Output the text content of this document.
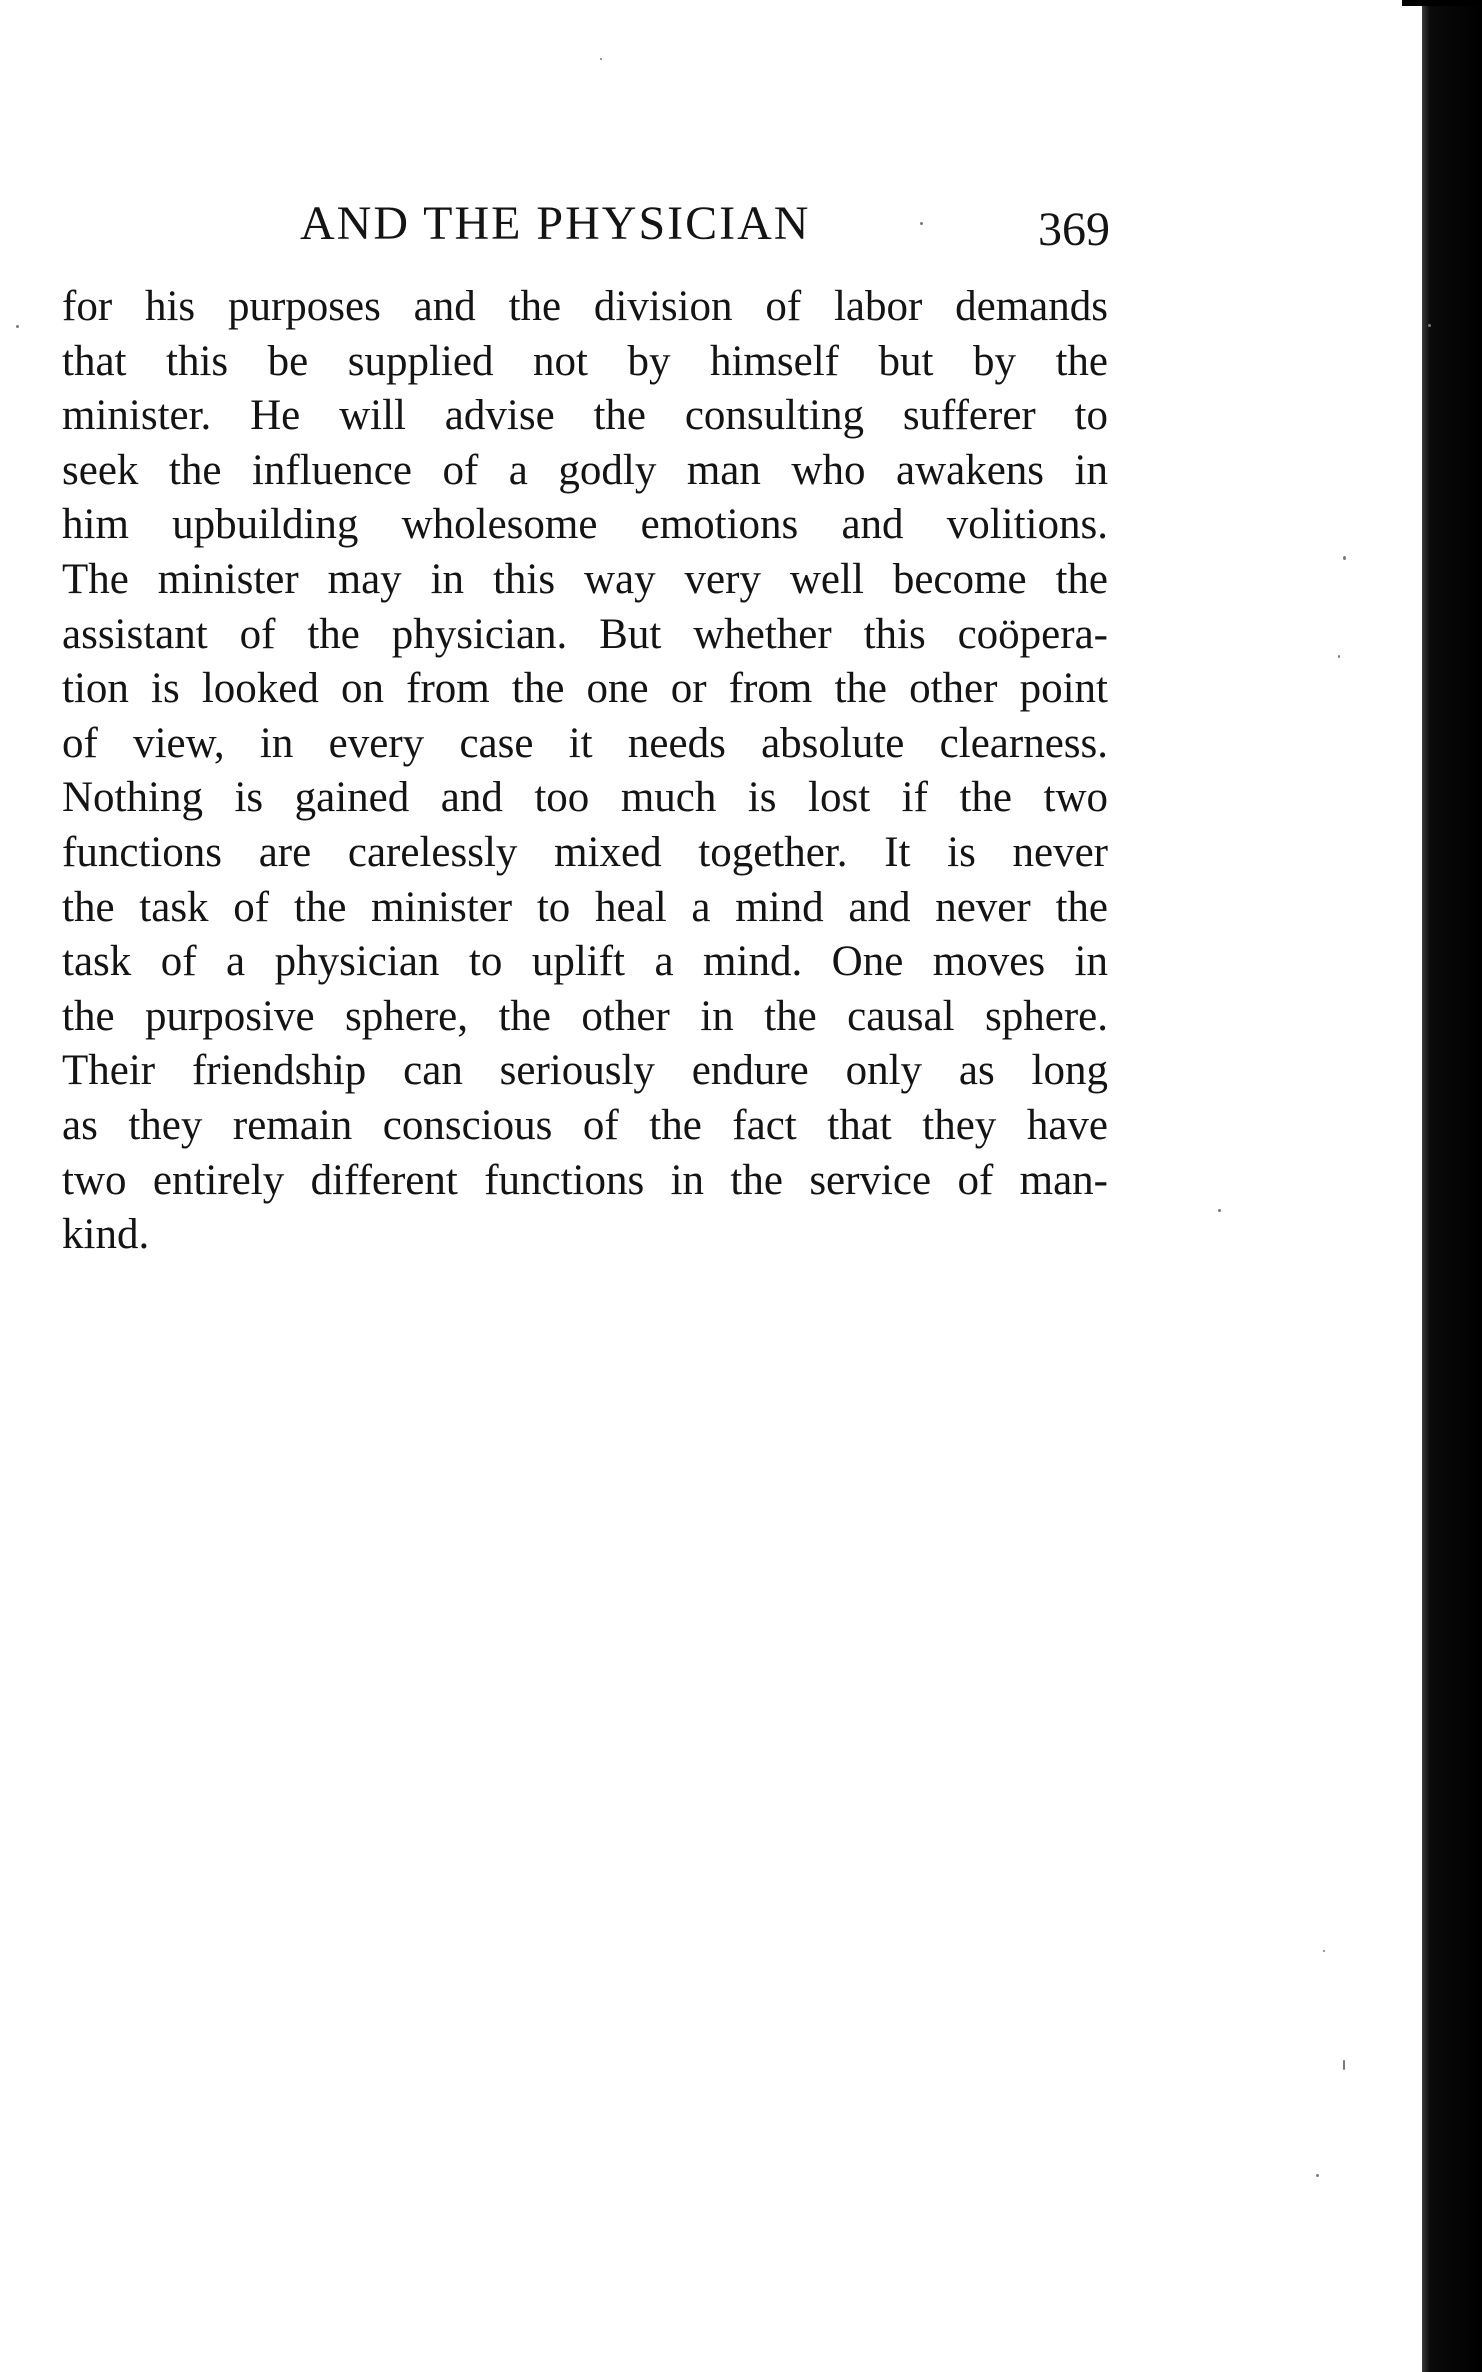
AND THE PHYSICIAN	369
for his purposes and the division of labor demands
that this be supplied not by himself but by the
minister. He will advise the consulting sufferer to
seek the influence of a godly man who awakens in
him upbuilding wholesome emotions and volitions.
The minister may in this way very well become the
assistant of the physician. But whether this coöpera-
tion is looked on from the one or from the other point
of view, in every case it needs absolute clearness.
Nothing is gained and too much is lost if the two
functions are carelessly mixed together. It is never
the task of the minister to heal a mind and never the
task of a physician to uplift a mind. One moves in
the purposive sphere, the other in the causal sphere.
Their friendship can seriously endure only as long
as they remain conscious of the fact that they have
two entirely different functions in the service of man-
kind.
